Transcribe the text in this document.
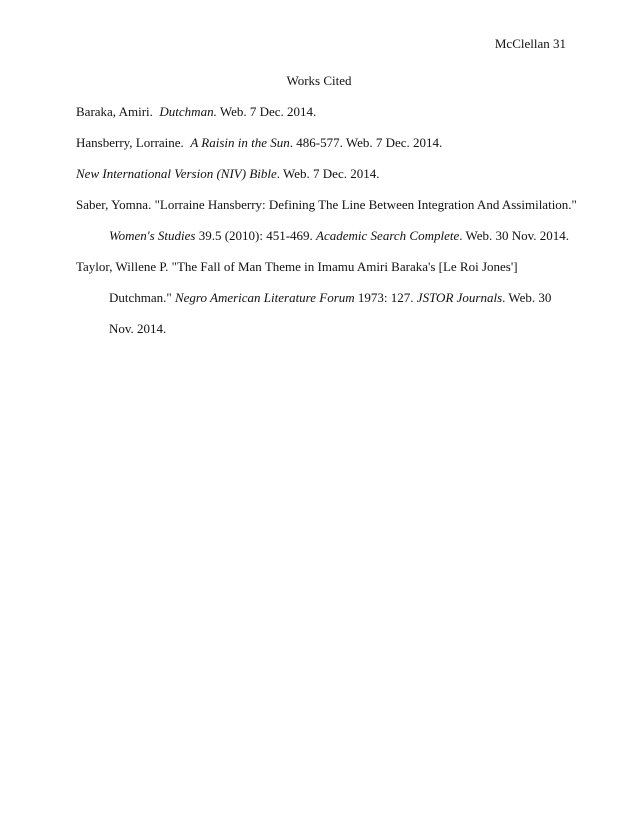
McClellan 31
Works Cited

Baraka, Amiri. Dutchman. Web. 7 Dec. 2014.

Hansberry, Lorraine. A Raisin in the Sun. 486-577. Web. 7 Dec. 2014.

New International Version (NIV) Bible. Web. 7 Dec. 2014.

Saber, Yomna. "Lorraine Hansberry: Defining The Line Between Integration And Assimilation."
Women's Studies 39.5 (2010): 451-469. Academic Search Complete. Web. 30 Nov. 2014.

Taylor, Willene P. "The Fall of Man Theme in Imamu Amiri Baraka's [Le Roi Jones']
Dutchman." Negro American Literature Forum 1973: 127. JSTOR Journals. Web. 30
Nov. 2014.
